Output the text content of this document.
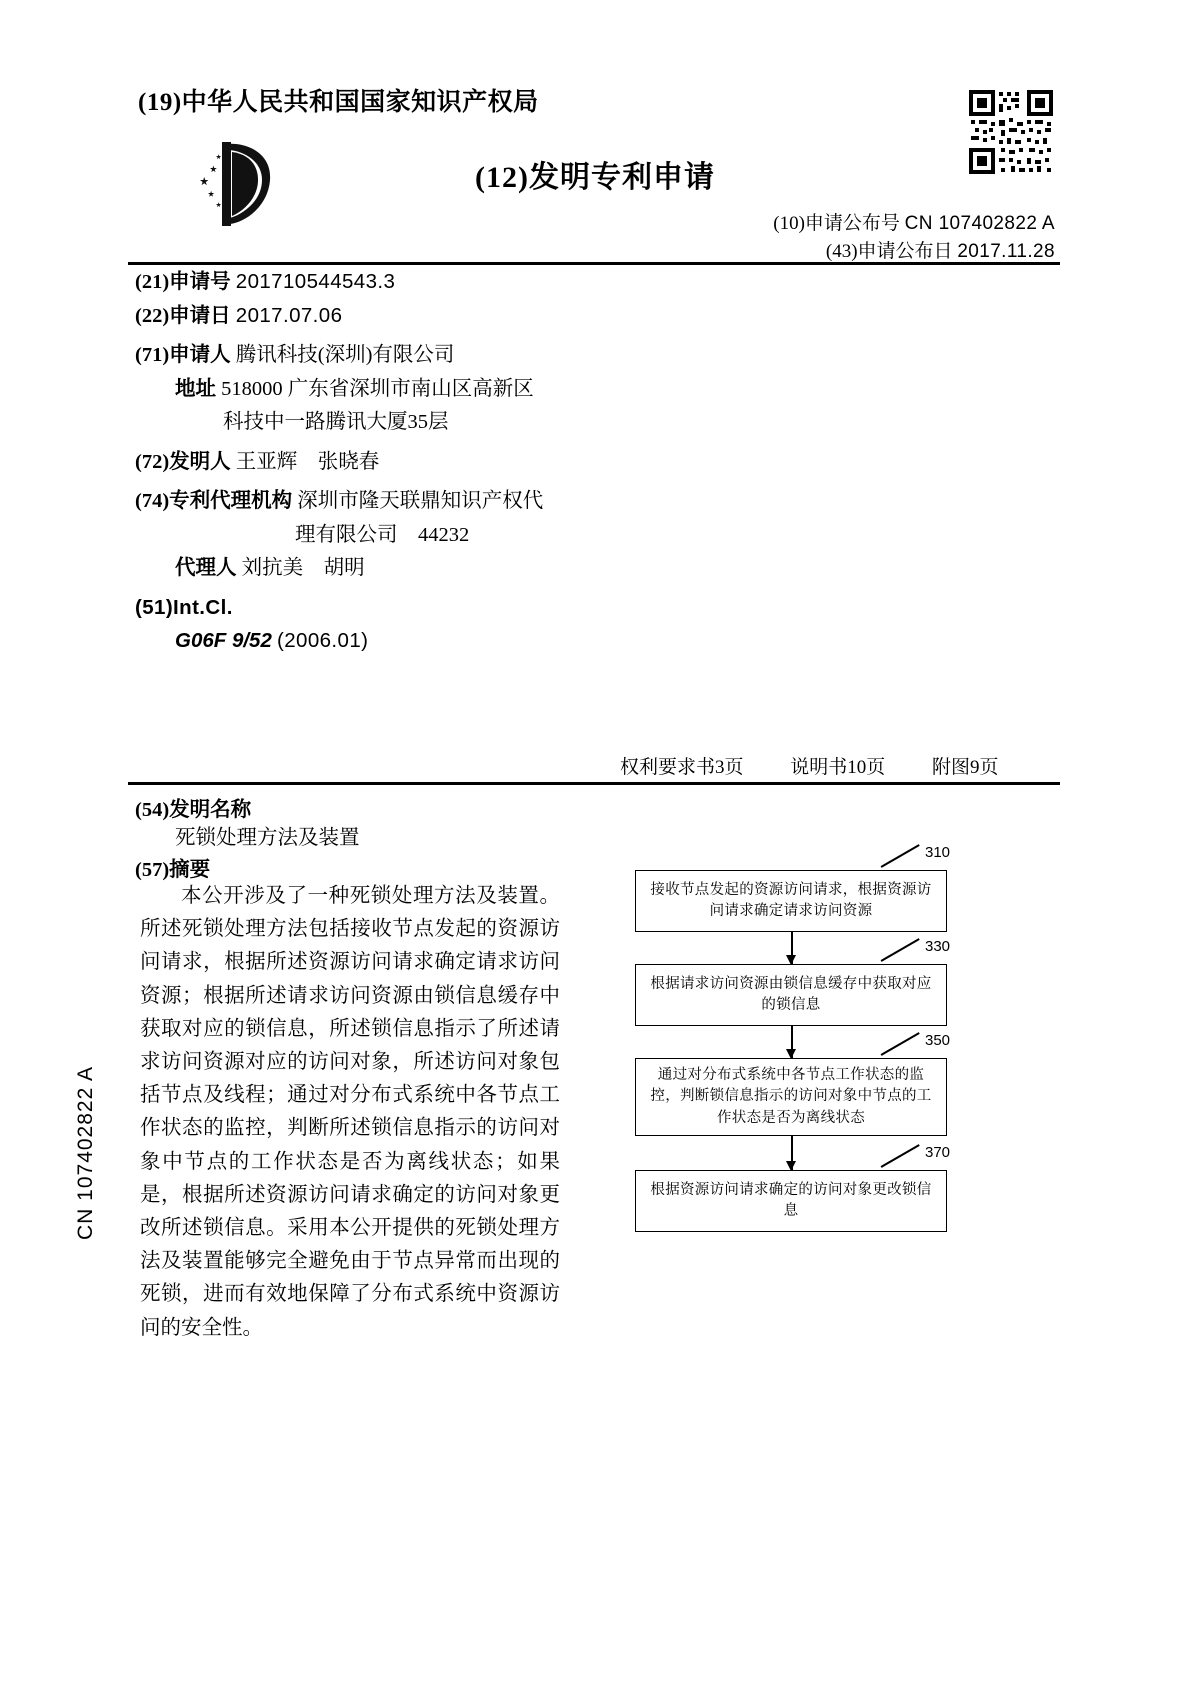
(19)中华人民共和国国家知识产权局
(12)发明专利申请
(10)申请公布号 CN 107402822 A
(43)申请公布日 2017.11.28
(21)申请号 201710544543.3
(22)申请日 2017.07.06
(71)申请人 腾讯科技(深圳)有限公司
地址 518000 广东省深圳市南山区高新区
科技中一路腾讯大厦35层
(72)发明人 王亚辉　张晓春
(74)专利代理机构 深圳市隆天联鼎知识产权代
理有限公司　44232
代理人 刘抗美　胡明
(51)Int.Cl.
G06F 9/52 (2006.01)
权利要求书3页 说明书10页 附图9页
(54)发明名称
死锁处理方法及装置
(57)摘要
本公开涉及了一种死锁处理方法及装置。所述死锁处理方法包括接收节点发起的资源访问请求，根据所述资源访问请求确定请求访问资源；根据所述请求访问资源由锁信息缓存中获取对应的锁信息，所述锁信息指示了所述请求访问资源对应的访问对象，所述访问对象包括节点及线程；通过对分布式系统中各节点工作状态的监控，判断所述锁信息指示的访问对象中节点的工作状态是否为离线状态；如果是，根据所述资源访问请求确定的访问对象更改所述锁信息。采用本公开提供的死锁处理方法及装置能够完全避免由于节点异常而出现的死锁，进而有效地保障了分布式系统中资源访问的安全性。
CN 107402822 A
接收节点发起的资源访问请求，根据资源访问请求确定请求访问资源
310
根据请求访问资源由锁信息缓存中获取对应的锁信息
330
通过对分布式系统中各节点工作状态的监控，判断锁信息指示的访问对象中节点的工作状态是否为离线状态
350
根据资源访问请求确定的访问对象更改锁信息
370
